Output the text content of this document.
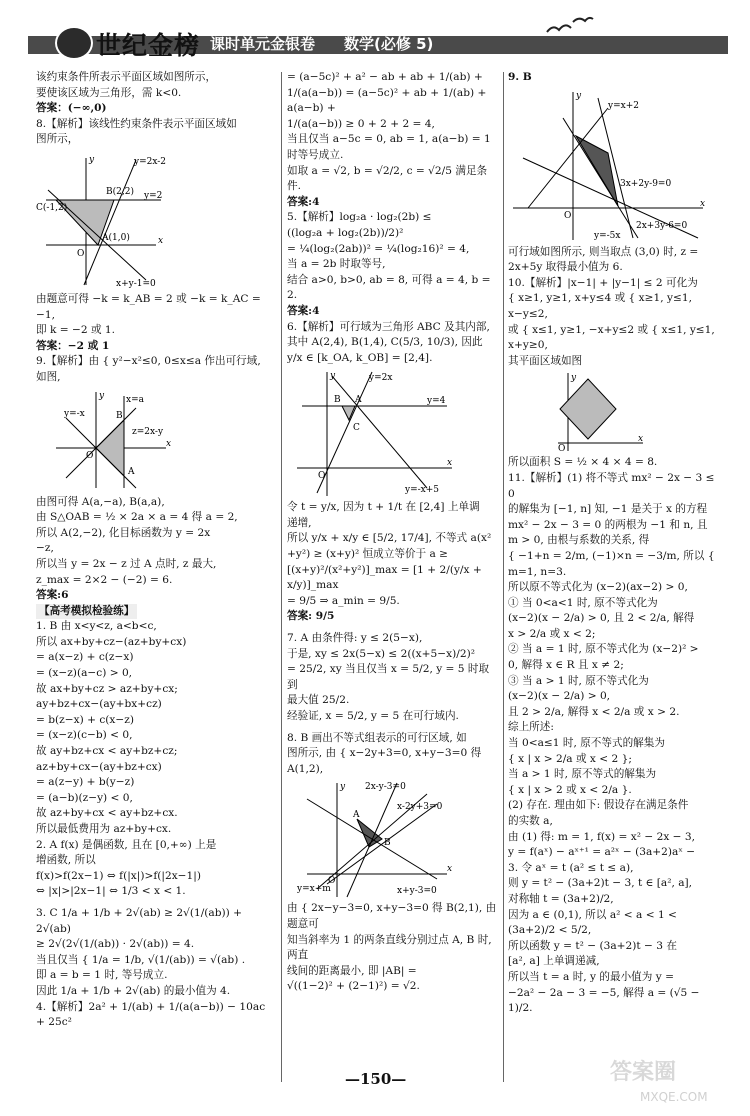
世纪金榜 课时单元金银卷 数学(必修 5)

该约束条件所表示平面区域如图所示，

要使该区域为三角形，需 k<0.

答案：(−∞,0)

8.【解析】该线性约束条件表示平面区域如

图所示，

y=2x-2
B(2,2) y=2
C(-1,2)
A(1,0)
x+y-1=0
O
x
y

由题意可得 −k = k_AB = 2 或 −k = k_AC =

−1,

即 k = −2 或 1.

答案：−2 或 1

9.【解析】由 { y²−x²≤0, 0≤x≤a 作出可行域,

如图,

y=-x
x=a
z=2x-y
B
A
O
x
y

由图可得 A(a,−a), B(a,a),

由 S△OAB = ½ × 2a × a = 4 得 a = 2,

所以 A(2,−2), 化目标函数为 y = 2x

−z,

所以当 y = 2x − z 过 A 点时, z 最大,

z_max = 2×2 − (−2) = 6.

答案:6

【高考模拟检验练】

1. B 由 x<y<z, a<b<c,

所以 ax+by+cz−(az+by+cx)

= a(x−z) + c(z−x)

= (x−z)(a−c) > 0,

故 ax+by+cz > az+by+cx;

ay+bz+cx−(ay+bx+cz)

= b(z−x) + c(x−z)

= (x−z)(c−b) < 0,

故 ay+bz+cx < ay+bz+cz;

az+by+cx−(ay+bz+cx)

= a(z−y) + b(y−z)

= (a−b)(z−y) < 0,

故 az+by+cx < ay+bz+cx.

所以最低费用为 az+by+cx.

2. A f(x) 是偶函数, 且在 [0,+∞) 上是

增函数, 所以

f(x)>f(2x−1) ⇔ f(|x|)>f(|2x−1|)

⇔ |x|>|2x−1| ⇔ 1/3 < x < 1.

3. C 1/a + 1/b + 2√(ab) ≥ 2√(1/(ab)) +

2√(ab)

≥ 2√(2√(1/(ab)) · 2√(ab)) = 4.

当且仅当 { 1/a = 1/b, √(1/(ab)) = √(ab) .

即 a = b = 1 时, 等号成立.

因此 1/a + 1/b + 2√(ab) 的最小值为 4.

4.【解析】2a² + 1/(ab) + 1/(a(a−b)) − 10ac + 25c²

= (a−5c)² + a² − ab + ab + 1/(ab) +

1/(a(a−b)) = (a−5c)² + ab + 1/(ab) + a(a−b) +

1/(a(a−b)) ≥ 0 + 2 + 2 = 4,

当且仅当 a−5c = 0, ab = 1, a(a−b) = 1

时等号成立.

如取 a = √2, b = √2/2, c = √2/5 满足条件.

答案:4

5.【解析】log₂a · log₂(2b) ≤

((log₂a + log₂(2b))/2)²

= ¼(log₂(2ab))² = ¼(log₂16)² = 4,

当 a = 2b 时取等号,

结合 a>0, b>0, ab = 8, 可得 a = 4, b = 2.

答案:4

6.【解析】可行域为三角形 ABC 及其内部,

其中 A(2,4), B(1,4), C(5/3, 10/3), 因此

y/x ∈ [k_OA, k_OB] = [2,4].

y=2x
y=4
B A
C
y=-x+5
O
x
y

令 t = y/x, 因为 t + 1/t 在 [2,4] 上单调

递增,

所以 y/x + x/y ∈ [5/2, 17/4], 不等式 a(x²

+y²) ≥ (x+y)² 恒成立等价于 a ≥

[(x+y)²/(x²+y²)]_max = [1 + 2/(y/x + x/y)]_max

= 9/5 ⇒ a_min = 9/5.

答案: 9/5

7. A 由条件得: y ≤ 2(5−x),

于是, xy ≤ 2x(5−x) ≤ 2((x+5−x)/2)²

= 25/2, xy 当且仅当 x = 5/2, y = 5 时取到

最大值 25/2.

经验证, x = 5/2, y = 5 在可行域内.

8. B 画出不等式组表示的可行区域, 如

图所示, 由 { x−2y+3=0, x+y−3=0 得 A(1,2),

2x-y-3=0
x-2y+3=0
A
B
y=x+m	x+y-3=0
O
x
y

由 { 2x−y−3=0, x+y−3=0 得 B(2,1), 由题意可

知当斜率为 1 的两条直线分别过点 A, B 时, 两直

线间的距离最小, 即 |AB| =

√((1−2)² + (2−1)²) = √2.

9. B

y=x+2
3x+2y-9=0
2x+3y-6=0
y=-5x
O
x
y

可行域如图所示, 则当取点 (3,0) 时, z =

2x+5y 取得最小值为 6.

10.【解析】|x−1| + |y−1| ≤ 2 可化为

{ x≥1, y≥1, x+y≤4 或 { x≥1, y≤1, x−y≤2,

或 { x≤1, y≥1, −x+y≤2 或 { x≤1, y≤1, x+y≥0,

其平面区域如图

O
x
y

所以面积 S = ½ × 4 × 4 = 8.

11.【解析】(1) 将不等式 mx² − 2x − 3 ≤ 0

的解集为 [−1, n] 知, −1 是关于 x 的方程

mx² − 2x − 3 = 0 的两根为 −1 和 n, 且

m > 0, 由根与系数的关系, 得

{ −1+n = 2/m, (−1)×n = −3/m, 所以 { m=1, n=3.

所以原不等式化为 (x−2)(ax−2) > 0,

① 当 0<a<1 时, 原不等式化为

(x−2)(x − 2/a) > 0, 且 2 < 2/a, 解得

x > 2/a 或 x < 2;

② 当 a = 1 时, 原不等式化为 (x−2)² >

0, 解得 x ∈ R 且 x ≠ 2;

③ 当 a > 1 时, 原不等式化为

(x−2)(x − 2/a) > 0,

且 2 > 2/a, 解得 x < 2/a 或 x > 2.

综上所述:

当 0<a≤1 时, 原不等式的解集为

{ x | x > 2/a 或 x < 2 };

当 a > 1 时, 原不等式的解集为

{ x | x > 2 或 x < 2/a }.

(2) 存在. 理由如下: 假设存在满足条件

的实数 a,

由 (1) 得: m = 1, f(x) = x² − 2x − 3,

y = f(aˣ) − aˣ⁺¹ = a²ˣ − (3a+2)aˣ −

3. 令 aˣ = t (a² ≤ t ≤ a),

则 y = t² − (3a+2)t − 3, t ∈ [a², a],

对称轴 t = (3a+2)/2,

因为 a ∈ (0,1), 所以 a² < a < 1 <

(3a+2)/2 < 5/2,

所以函数 y = t² − (3a+2)t − 3 在

[a², a] 上单调递减,

所以当 t = a 时, y 的最小值为 y =

−2a² − 2a − 3 = −5, 解得 a = (√5 − 1)/2.

—150—	答案圈
MXQE.COM
